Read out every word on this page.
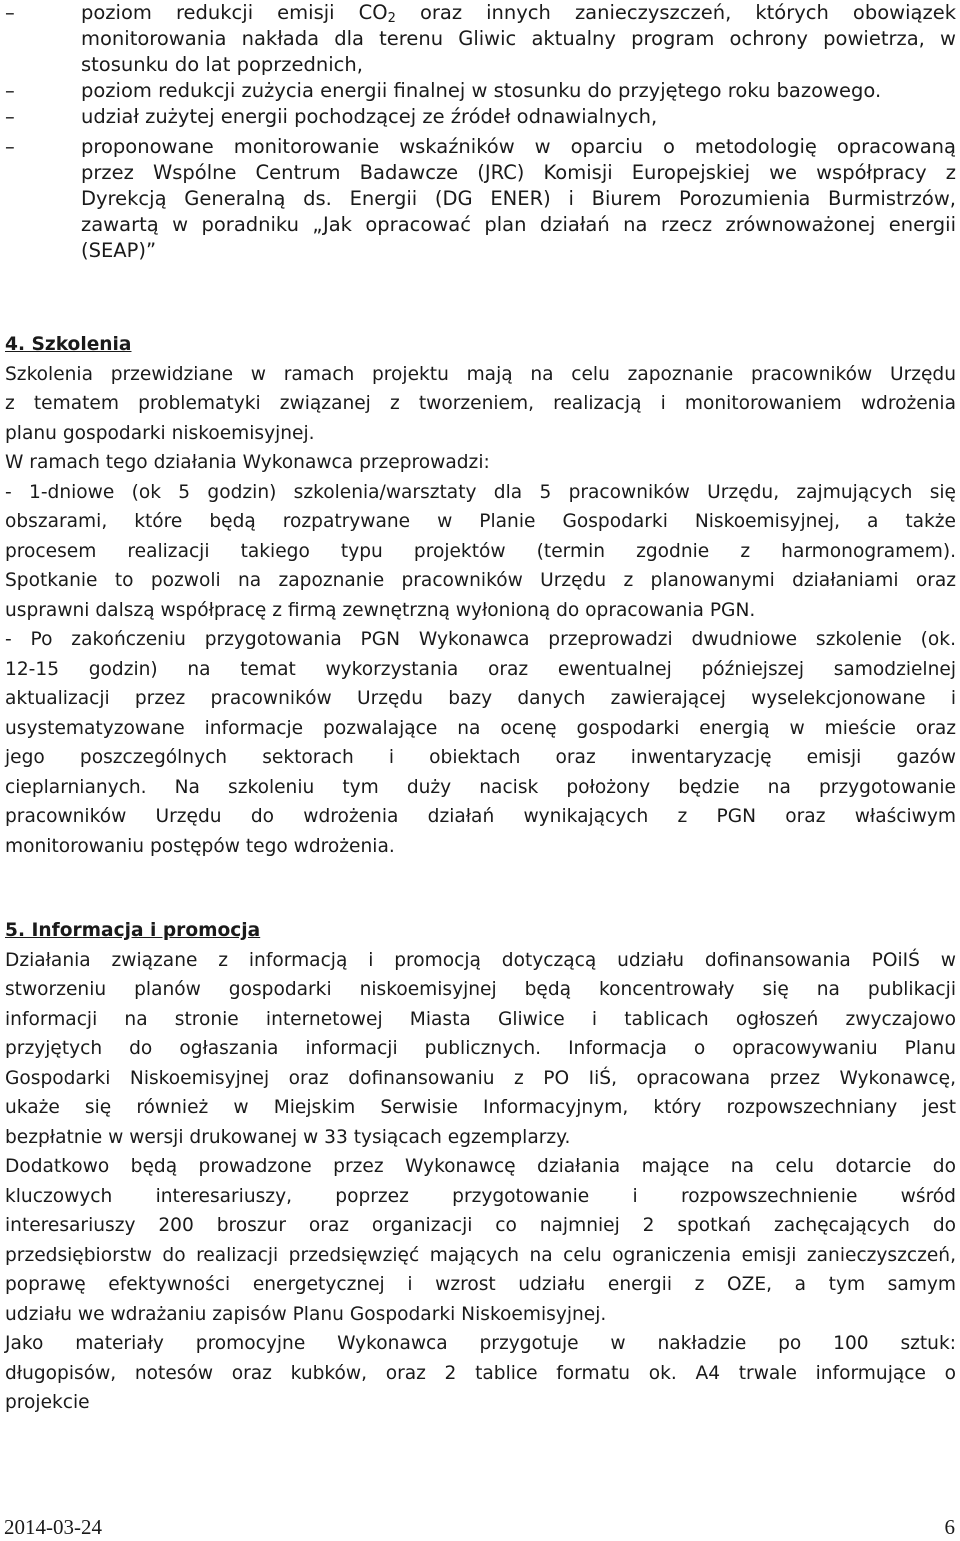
–	poziom redukcji emisji $CO_2$ oraz innych zanieczyszczeń, których obowiązek
monitorowania nakłada dla terenu Gliwic aktualny program ochrony powietrza, w
stosunku do lat poprzednich,
–	poziom redukcji zużycia energii finalnej w stosunku do przyjętego roku bazowego.
–	udział zużytej energii pochodzącej ze źródeł odnawialnych,
–	proponowane monitorowanie wskaźników w oparciu o metodologię opracowaną
przez Wspólne Centrum Badawcze (JRC) Komisji Europejskiej we współpracy z
Dyrekcją Generalną ds. Energii (DG ENER) i Biurem Porozumienia Burmistrzów,
zawartą w poradniku „Jak opracować plan działań na rzecz zrównoważonej energii
(SEAP)”
4. Szkolenia
Szkolenia przewidziane w ramach projektu mają na celu zapoznanie pracowników Urzędu
z tematem problematyki związanej z tworzeniem, realizacją i monitorowaniem wdrożenia
planu gospodarki niskoemisyjnej.
W ramach tego działania Wykonawca przeprowadzi:
- 1-dniowe (ok 5 godzin) szkolenia/warsztaty dla 5 pracowników Urzędu, zajmujących się
obszarami, które będą rozpatrywane w Planie Gospodarki Niskoemisyjnej, a także
procesem realizacji takiego typu projektów (termin zgodnie z harmonogramem).
Spotkanie to pozwoli na zapoznanie pracowników Urzędu z planowanymi działaniami oraz
usprawni dalszą współpracę z firmą zewnętrzną wyłonioną do opracowania PGN.
- Po zakończeniu przygotowania PGN Wykonawca przeprowadzi dwudniowe szkolenie (ok.
12-15 godzin) na temat wykorzystania oraz ewentualnej późniejszej samodzielnej
aktualizacji przez pracowników Urzędu bazy danych zawierającej wyselekcjonowane i
usystematyzowane informacje pozwalające na ocenę gospodarki energią w mieście oraz
jego poszczególnych sektorach i obiektach oraz inwentaryzację emisji gazów
cieplarnianych. Na szkoleniu tym duży nacisk położony będzie na przygotowanie
pracowników Urzędu do wdrożenia działań wynikających z PGN oraz właściwym
monitorowaniu postępów tego wdrożenia.
5. Informacja i promocja
Działania związane z informacją i promocją dotyczącą udziału dofinansowania POiIŚ w
stworzeniu planów gospodarki niskoemisyjnej będą koncentrowały się na publikacji
informacji na stronie internetowej Miasta Gliwice i tablicach ogłoszeń zwyczajowo
przyjętych do ogłaszania informacji publicznych. Informacja o opracowywaniu Planu
Gospodarki Niskoemisyjnej oraz dofinansowaniu z PO IiŚ, opracowana przez Wykonawcę,
ukaże się również w Miejskim Serwisie Informacyjnym, który rozpowszechniany jest
bezpłatnie w wersji drukowanej w 33 tysiącach egzemplarzy.
Dodatkowo będą prowadzone przez Wykonawcę działania mające na celu dotarcie do
kluczowych interesariuszy, poprzez przygotowanie i rozpowszechnienie wśród
interesariuszy 200 broszur oraz organizacji co najmniej 2 spotkań zachęcających do
przedsiębiorstw do realizacji przedsięwzięć mających na celu ograniczenia emisji zanieczyszczeń,
poprawę efektywności energetycznej i wzrost udziału energii z OZE, a tym samym
udziału we wdrażaniu zapisów Planu Gospodarki Niskoemisyjnej.
Jako materiały promocyjne Wykonawca przygotuje w nakładzie po 100 sztuk:
długopisów, notesów oraz kubków, oraz 2 tablice formatu ok. A4 trwale informujące o
projekcie
2014-03-24	6
